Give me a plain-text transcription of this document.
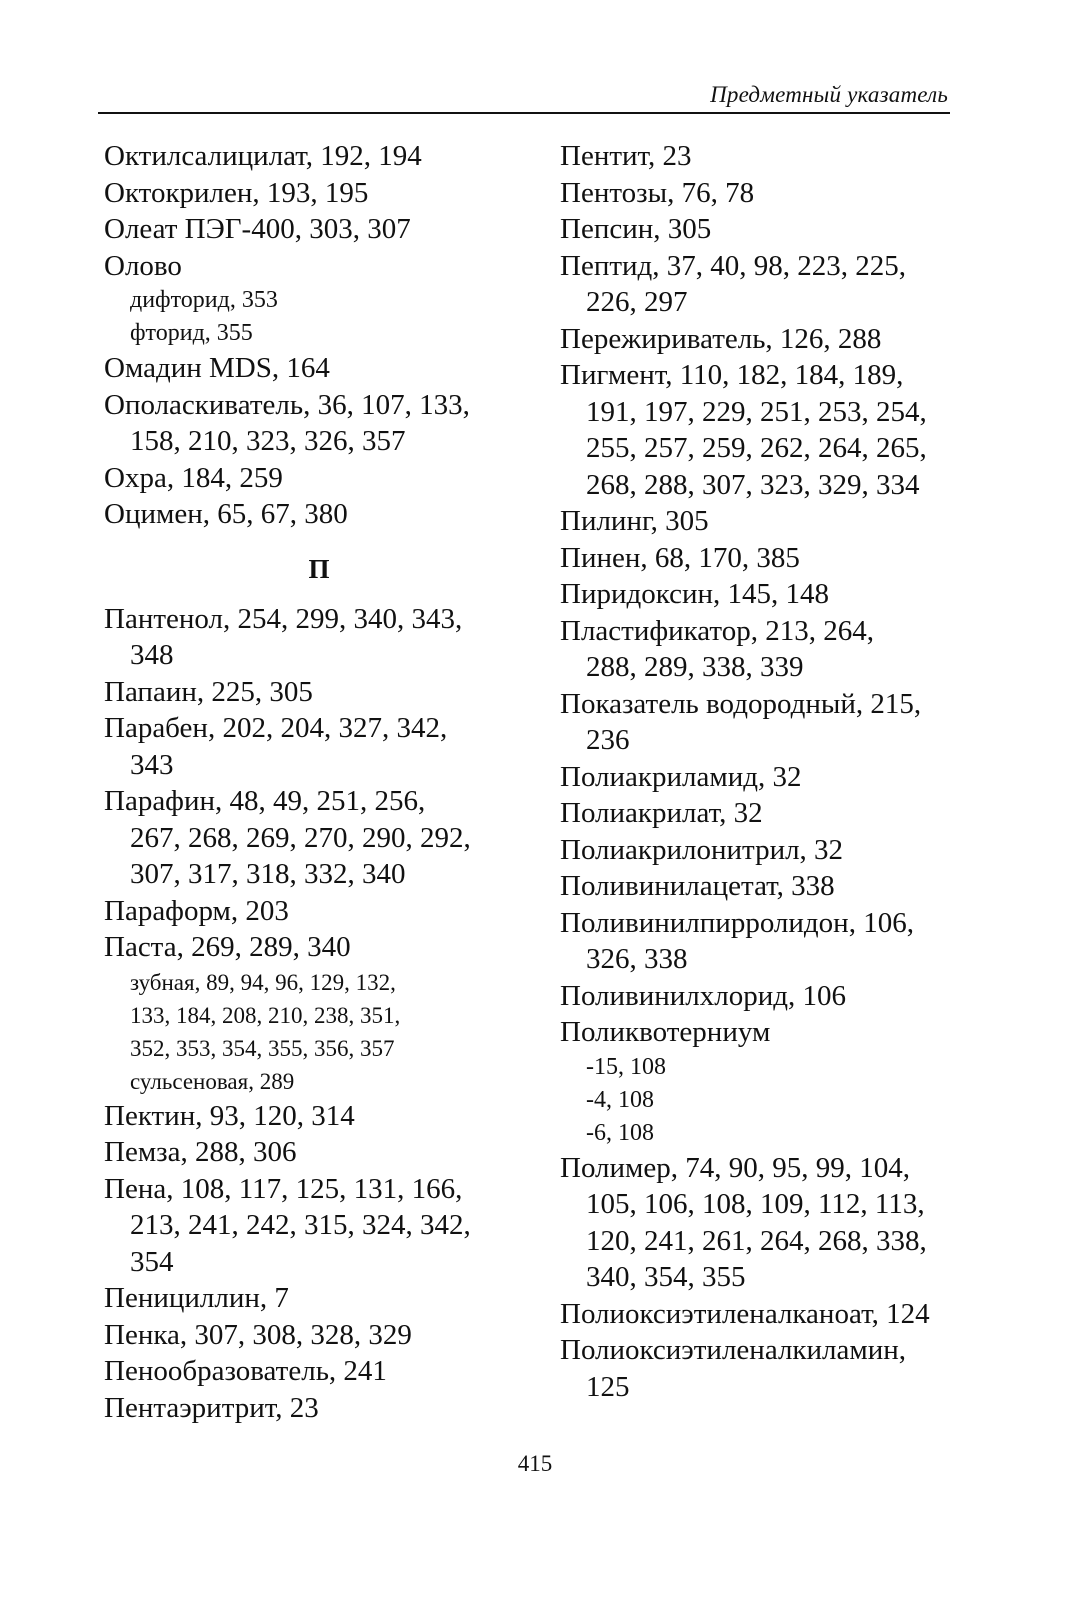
Предметный указатель
Октилсалицилат, 192, 194
Октокрилен, 193, 195
Олеат ПЭГ-400, 303, 307
Олово
дифторид, 353
фторид, 355
Омадин MDS, 164
Ополаскиватель, 36, 107, 133,
158, 210, 323, 326, 357
Охра, 184, 259
Оцимен, 65, 67, 380
П
Пантенол, 254, 299, 340, 343,
348
Папаин, 225, 305
Парабен, 202, 204, 327, 342,
343
Парафин, 48, 49, 251, 256,
267, 268, 269, 270, 290, 292,
307, 317, 318, 332, 340
Параформ, 203
Паста, 269, 289, 340
зубная, 89, 94, 96, 129, 132,
133, 184, 208, 210, 238, 351,
352, 353, 354, 355, 356, 357
сульсеновая, 289
Пектин, 93, 120, 314
Пемза, 288, 306
Пена, 108, 117, 125, 131, 166,
213, 241, 242, 315, 324, 342,
354
Пенициллин, 7
Пенка, 307, 308, 328, 329
Пенообразователь, 241
Пентаэритрит, 23
Пентит, 23
Пентозы, 76, 78
Пепсин, 305
Пептид, 37, 40, 98, 223, 225,
226, 297
Пережириватель, 126, 288
Пигмент, 110, 182, 184, 189,
191, 197, 229, 251, 253, 254,
255, 257, 259, 262, 264, 265,
268, 288, 307, 323, 329, 334
Пилинг, 305
Пинен, 68, 170, 385
Пиридоксин, 145, 148
Пластификатор, 213, 264,
288, 289, 338, 339
Показатель водородный, 215,
236
Полиакриламид, 32
Полиакрилат, 32
Полиакрилонитрил, 32
Поливинилацетат, 338
Поливинилпирролидон, 106,
326, 338
Поливинилхлорид, 106
Поликвотерниум
-15, 108
-4, 108
-6, 108
Полимер, 74, 90, 95, 99, 104,
105, 106, 108, 109, 112, 113,
120, 241, 261, 264, 268, 338,
340, 354, 355
Полиоксиэтиленалканоат, 124
Полиоксиэтиленалкиламин,
125
415
